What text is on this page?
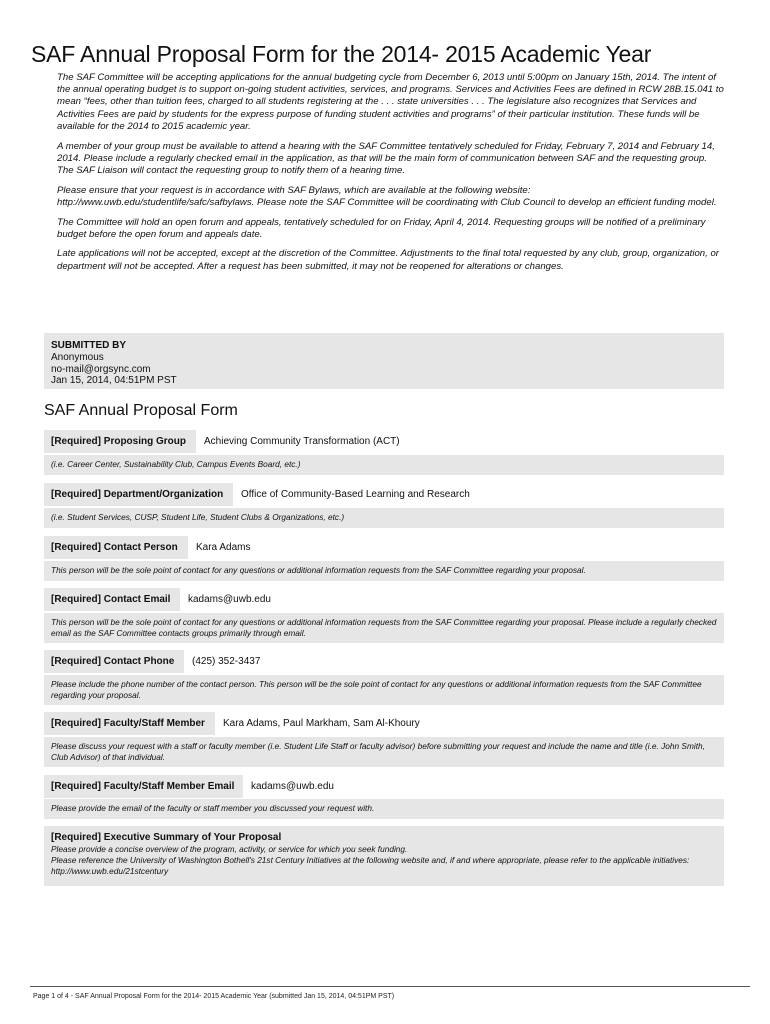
SAF Annual Proposal Form for the 2014- 2015 Academic Year

The SAF Committee will be accepting applications for the annual budgeting cycle from December 6, 2013 until 5:00pm on January 15th, 2014. The intent of the annual operating budget is to support on-going student activities, services, and programs. Services and Activities Fees are defined in RCW 28B.15.041 to mean “fees, other than tuition fees, charged to all students registering at the . . . state universities . . . The legislature also recognizes that Services and Activities Fees are paid by students for the express purpose of funding student activities and programs” of their particular institution. These funds will be available for the 2014 to 2015 academic year.

A member of your group must be available to attend a hearing with the SAF Committee tentatively scheduled for Friday, February 7, 2014 and February 14, 2014. Please include a regularly checked email in the application, as that will be the main form of communication between SAF and the requesting group. The SAF Liaison will contact the requesting group to notify them of a hearing time.

Please ensure that your request is in accordance with SAF Bylaws, which are available at the following website: http://www.uwb.edu/studentlife/safc/safbylaws. Please note the SAF Committee will be coordinating with Club Council to develop an efficient funding model.

The Committee will hold an open forum and appeals, tentatively scheduled for on Friday, April 4, 2014. Requesting groups will be notified of a preliminary budget before the open forum and appeals date.

Late applications will not be accepted, except at the discretion of the Committee. Adjustments to the final total requested by any club, group, organization, or department will not be accepted. After a request has been submitted, it may not be reopened for alterations or changes.

SUBMITTED BY
Anonymous
no-mail@orgsync.com
Jan 15, 2014, 04:51PM PST
SAF Annual Proposal Form
[Required] Proposing Group	Achieving Community Transformation (ACT)
(i.e. Career Center, Sustainability Club, Campus Events Board, etc.)
[Required] Department/Organization	Office of Community-Based Learning and Research
(i.e. Student Services, CUSP, Student Life, Student Clubs & Organizations, etc.)
[Required] Contact Person	Kara Adams
This person will be the sole point of contact for any questions or additional information requests from the SAF Committee regarding your proposal.
[Required] Contact Email	kadams@uwb.edu
This person will be the sole point of contact for any questions or additional information requests from the SAF Committee regarding your proposal. Please include a regularly checked email as the SAF Committee contacts groups primarily through email.
[Required] Contact Phone	(425) 352-3437
Please include the phone number of the contact person. This person will be the sole point of contact for any questions or additional information requests from the SAF Committee regarding your proposal.
[Required] Faculty/Staff Member	Kara Adams, Paul Markham, Sam Al-Khoury
Please discuss your request with a staff or faculty member (i.e. Student Life Staff or faculty advisor) before submitting your request and include the name and title (i.e. John Smith, Club Advisor) of that individual.
[Required] Faculty/Staff Member Email	kadams@uwb.edu
Please provide the email of the faculty or staff member you discussed your request with.
[Required] Executive Summary of Your Proposal
Please provide a concise overview of the program, activity, or service for which you seek funding.
Please reference the University of Washington Bothell's 21st Century Initiatives at the following website and, if and where appropriate, please refer to the applicable initiatives: http://www.uwb.edu/21stcentury
Page 1 of 4 - SAF Annual Proposal Form for the 2014- 2015 Academic Year (submitted Jan 15, 2014, 04:51PM PST)
